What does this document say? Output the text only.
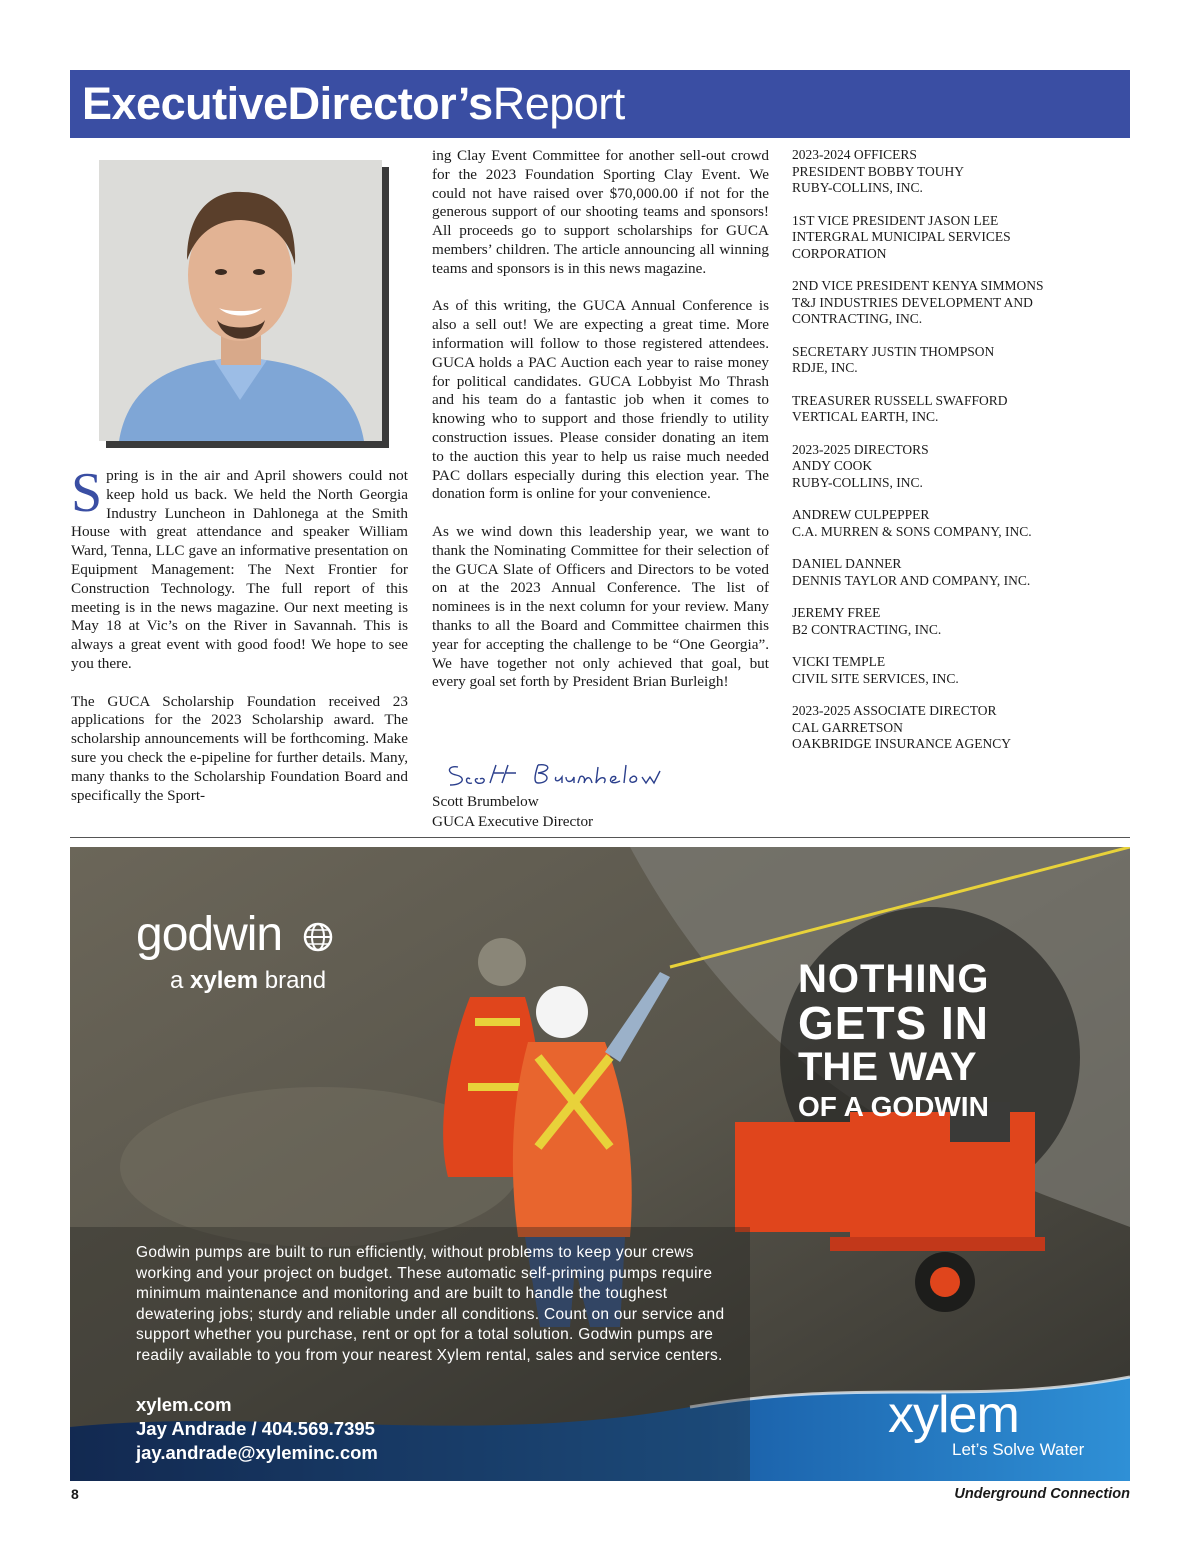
ExecutiveDirector’sReport

Spring is in the air and April showers could not keep hold us back. We held the North Georgia Industry Luncheon in Dahlonega at the Smith House with great attendance and speaker William Ward, Tenna, LLC gave an informative presentation on Equipment Management: The Next Frontier for Construction Technology. The full report of this meeting is in the news magazine. Our next meeting is May 18 at Vic’s on the River in Savannah. This is always a great event with good food! We hope to see you there.

The GUCA Scholarship Foundation received 23 applications for the 2023 Scholarship award. The scholarship announcements will be forthcoming. Make sure you check the e-pipeline for further details. Many, many thanks to the Scholarship Foundation Board and specifically the Sport-

ing Clay Event Committee for another sell-out crowd for the 2023 Foundation Sporting Clay Event. We could not have raised over $70,000.00 if not for the generous support of our shooting teams and sponsors! All proceeds go to support scholarships for GUCA members’ children. The article announcing all winning teams and sponsors is in this news magazine.

As of this writing, the GUCA Annual Conference is also a sell out! We are expecting a great time. More information will follow to those registered attendees. GUCA holds a PAC Auction each year to raise money for political candidates. GUCA Lobbyist Mo Thrash and his team do a fantastic job when it comes to knowing who to support and those friendly to utility construction issues. Please consider donating an item to the auction this year to help us raise much needed PAC dollars especially during this election year. The donation form is online for your convenience.

As we wind down this leadership year, we want to thank the Nominating Committee for their selection of the GUCA Slate of Officers and Directors to be voted on at the 2023 Annual Conference. The list of nominees is in the next column for your review. Many thanks to all the Board and Committee chairmen this year for accepting the challenge to be “One Georgia”. We have together not only achieved that goal, but every goal set forth by President Brian Burleigh!

Scott Brumbelow
GUCA Executive Director
2023-2024 OFFICERS
PRESIDENT BOBBY TOUHY
RUBY-COLLINS, INC.
1ST VICE PRESIDENT JASON LEE
INTERGRAL MUNICIPAL SERVICES
CORPORATION
2ND VICE PRESIDENT KENYA SIMMONS
T&J INDUSTRIES DEVELOPMENT AND
CONTRACTING, INC.
SECRETARY JUSTIN THOMPSON
RDJE, INC.
TREASURER RUSSELL SWAFFORD
VERTICAL EARTH, INC.
2023-2025 DIRECTORS
ANDY COOK
RUBY-COLLINS, INC.
ANDREW CULPEPPER
C.A. MURREN & SONS COMPANY, INC.
DANIEL DANNER
DENNIS TAYLOR AND COMPANY, INC.
JEREMY FREE
B2 CONTRACTING, INC.
VICKI TEMPLE
CIVIL SITE SERVICES, INC.
2023-2025 ASSOCIATE DIRECTOR
CAL GARRETSON
OAKBRIDGE INSURANCE AGENCY
godwin
a xylem brand	NOTHING
GETS IN
THE WAY
OF A GODWIN
Godwin pumps are built to run efficiently, without problems to keep your crews working and your project on budget. These automatic self-priming pumps require minimum maintenance and monitoring and are built to handle the toughest dewatering jobs; sturdy and reliable under all conditions. Count on our service and support whether you purchase, rent or opt for a total solution. Godwin pumps are readily available to you from your nearest Xylem rental, sales and service centers.
xylem.com
Jay Andrade / 404.569.7395
jay.andrade@xyleminc.com
xylem
Let’s Solve Water
8	Underground Connection
